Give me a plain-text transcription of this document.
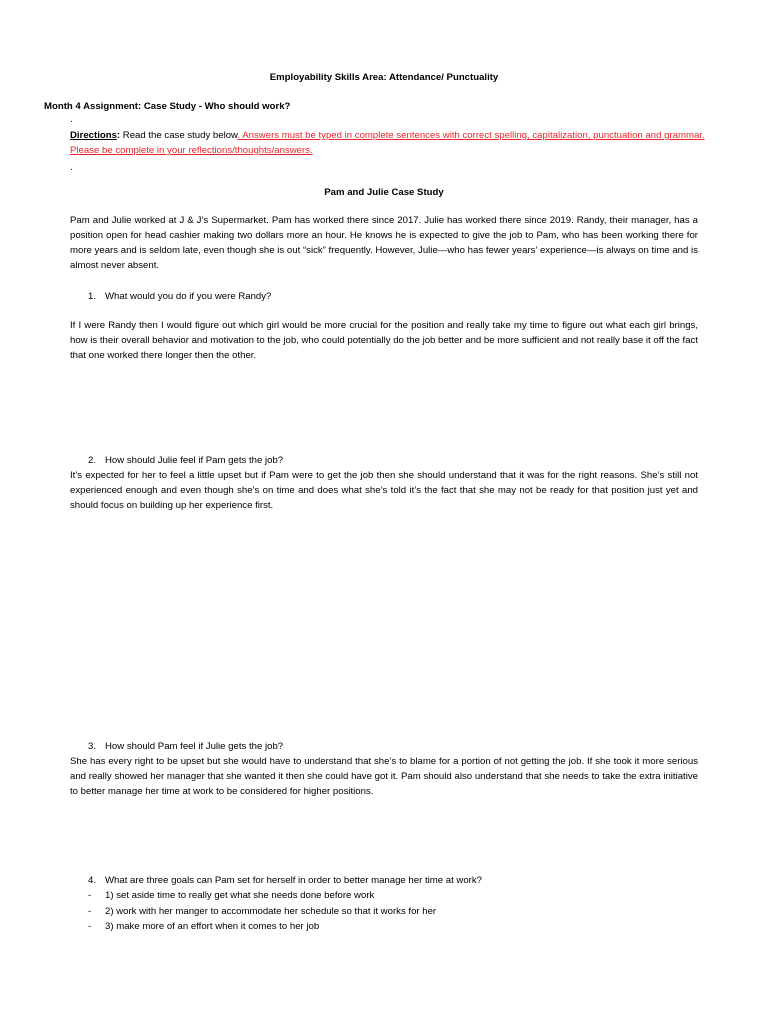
Employability Skills Area: Attendance/ Punctuality

Month 4 Assignment: Case Study - Who should work?

.

Directions: Read the case study below. Answers must be typed in complete sentences with correct spelling, capitalization, punctuation and grammar. Please be complete in your reflections/thoughts/answers.

.

Pam and Julie Case Study

Pam and Julie worked at J & J’s Supermarket. Pam has worked there since 2017. Julie has worked there since 2019. Randy, their manager, has a position open for head cashier making two dollars more an hour. He knows he is expected to give the job to Pam, who has been working there for more years and is seldom late, even though she is out “sick” frequently. However, Julie—who has fewer years’ experience—is always on time and is almost never absent.

1. What would you do if you were Randy?

If I were Randy then I would figure out which girl would be more crucial for the position and really take my time to figure out what each girl brings, how is their overall behavior and motivation to the job, who could potentially do the job better and be more sufficient and not really base it off the fact that one worked there longer then the other.

2. How should Julie feel if Pam gets the job?

It’s expected for her to feel a little upset but if Pam were to get the job then she should understand that it was for the right reasons. She’s still not experienced enough and even though she’s on time and does what she’s told it’s the fact that she may not be ready for that position just yet and should focus on building up her experience first.

3. How should Pam feel if Julie gets the job?

She has every right to be upset but she would have to understand that she’s to blame for a portion of not getting the job. If she took it more serious and really showed her manager that she wanted it then she could have got it. Pam should also understand that she needs to take the extra initiative to better manage her time at work to be considered for higher positions.

4. What are three goals can Pam set for herself in order to better manage her time at work?

- 1) set aside time to really get what she needs done before work

- 2) work with her manger to accommodate her schedule so that it works for her

- 3) make more of an effort when it comes to her job
